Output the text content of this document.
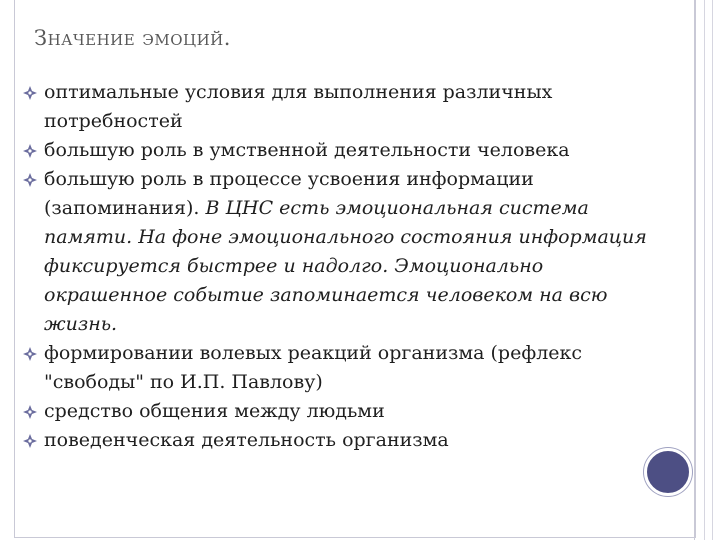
Значение эмоций.
оптимальные условия для выполнения различных потребностей
большую роль в умственной деятельности человека
большую роль в процессе усвоения информации (запоминания). В ЦНС есть эмоциональная система памяти. На фоне эмоционального состояния информация фиксируется быстрее и надолго. Эмоционально окрашенное событие запоминается человеком на всю жизнь.
формировании волевых реакций организма (рефлекс "свободы" по И.П. Павлову)
средство общения между людьми
поведенческая деятельность организма
